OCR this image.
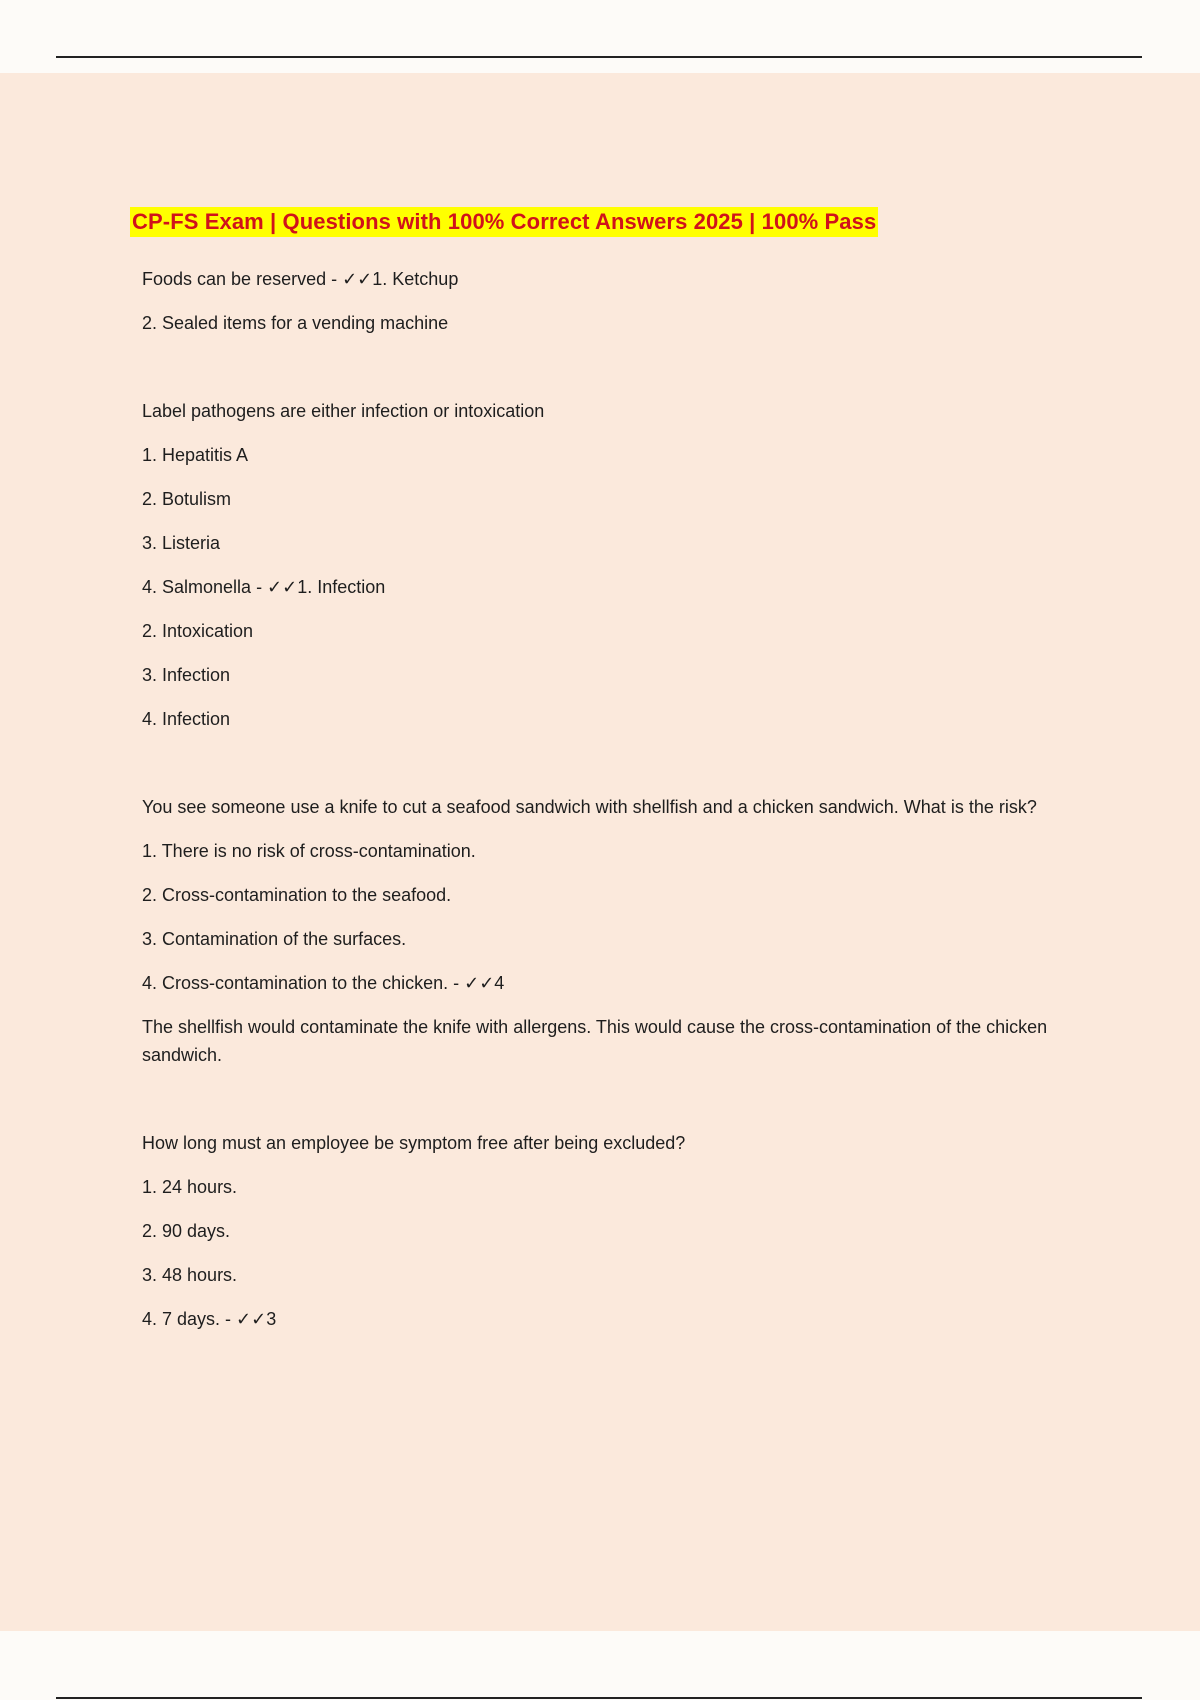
CP-FS Exam | Questions with 100% Correct Answers 2025 | 100% Pass
Foods can be reserved - ✓✓1. Ketchup
2. Sealed items for a vending machine
Label pathogens are either infection or intoxication
1. Hepatitis A
2. Botulism
3. Listeria
4. Salmonella - ✓✓1. Infection
2. Intoxication
3. Infection
4. Infection
You see someone use a knife to cut a seafood sandwich with shellfish and a chicken sandwich. What is the risk?
1. There is no risk of cross-contamination.
2. Cross-contamination to the seafood.
3. Contamination of the surfaces.
4. Cross-contamination to the chicken. - ✓✓4
The shellfish would contaminate the knife with allergens. This would cause the cross-contamination of the chicken sandwich.
How long must an employee be symptom free after being excluded?
1. 24 hours.
2. 90 days.
3. 48 hours.
4. 7 days. - ✓✓3
